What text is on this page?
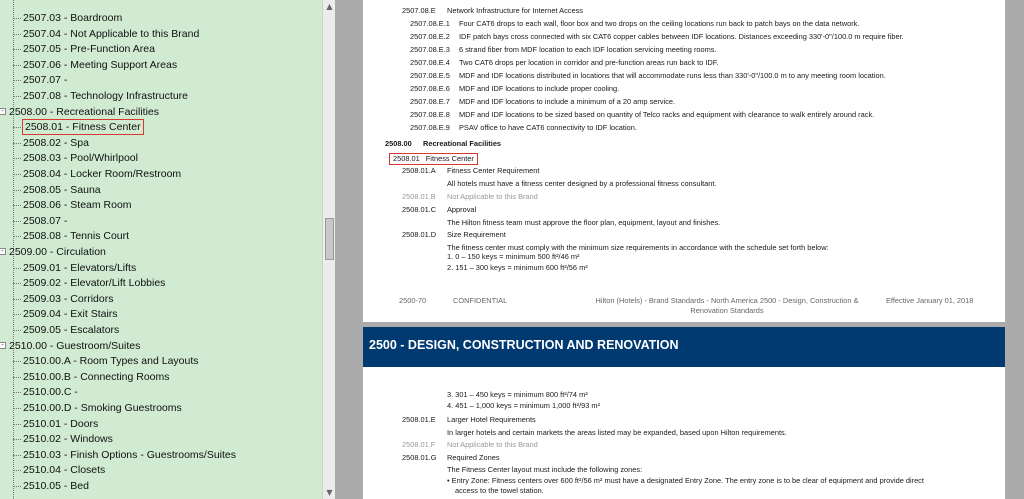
2507.03 - Boardroom
2507.04 - Not Applicable to this Brand
2507.05 - Pre-Function Area
2507.06 - Meeting Support Areas
2507.07 -
2507.08 - Technology Infrastructure
2508.00 - Recreational Facilities
-
2508.01 - Fitness Center
2508.02 - Spa
2508.03 - Pool/Whirlpool
2508.04 - Locker Room/Restroom
2508.05 - Sauna
2508.06 - Steam Room
2508.07 -
2508.08 - Tennis Court
2509.00 - Circulation
-
2509.01 - Elevators/Lifts
2509.02 - Elevator/Lift Lobbies
2509.03 - Corridors
2509.04 - Exit Stairs
2509.05 - Escalators
2510.00 - Guestroom/Suites
-
2510.00.A - Room Types and Layouts
2510.00.B - Connecting Rooms
2510.00.C -
2510.00.D - Smoking Guestrooms
2510.01 - Doors
2510.02 - Windows
2510.03 - Finish Options - Guestrooms/Suites
2510.04 - Closets
2510.05 - Bed
▲
▼
2507.08.E Network Infrastructure for Internet Access
2507.08.E.1 Four CAT6 drops to each wall, floor box and two drops on the ceiling locations run back to patch bays on the data network.
2507.08.E.2 IDF patch bays cross connected with six CAT6 copper cables between IDF locations. Distances exceeding 330'-0"/100.0 m require fiber.
2507.08.E.3 6 strand fiber from MDF location to each IDF location servicing meeting rooms.
2507.08.E.4 Two CAT6 drops per location in corridor and pre-function areas run back to IDF.
2507.08.E.5 MDF and IDF locations distributed in locations that will accommodate runs less than 330'-0"/100.0 m to any meeting room location.
2507.08.E.6 MDF and IDF locations to include proper cooling.
2507.08.E.7 MDF and IDF locations to include a minimum of a 20 amp service.
2507.08.E.8 MDF and IDF locations to be sized based on quantity of Telco racks and equipment with clearance to walk entirely around rack.
2507.08.E.9 PSAV office to have CAT6 connectivity to IDF location.
2508.00 Recreational Facilities
2508.01 Fitness Center
2508.01.A Fitness Center Requirement
All hotels must have a fitness center designed by a professional fitness consultant.
2508.01.B Not Applicable to this Brand
2508.01.C Approval
The Hilton fitness team must approve the floor plan, equipment, layout and finishes.
2508.01.D Size Requirement
The fitness center must comply with the minimum size requirements in accordance with the schedule set forth below:
1. 0 – 150 keys = minimum 500 ft²/46 m²
2. 151 – 300 keys = minimum 600 ft²/56 m²
2500-70	CONFIDENTIAL	Hilton (Hotels) - Brand Standards - North America 2500 - Design, Construction &
Renovation Standards
Effective January 01, 2018
2500 - DESIGN, CONSTRUCTION AND RENOVATION
3. 301 – 450 keys = minimum 800 ft²/74 m²
4. 451 – 1,000 keys = minimum 1,000 ft²/93 m²
2508.01.E Larger Hotel Requirements
In larger hotels and certain markets the areas listed may be expanded, based upon Hilton requirements.
2508.01.F Not Applicable to this Brand
2508.01.G Required Zones
The Fitness Center layout must include the following zones:
• Entry Zone: Fitness centers over 600 ft²/56 m² must have a designated Entry Zone. The entry zone is to be clear of equipment and provide direct
access to the towel station.
